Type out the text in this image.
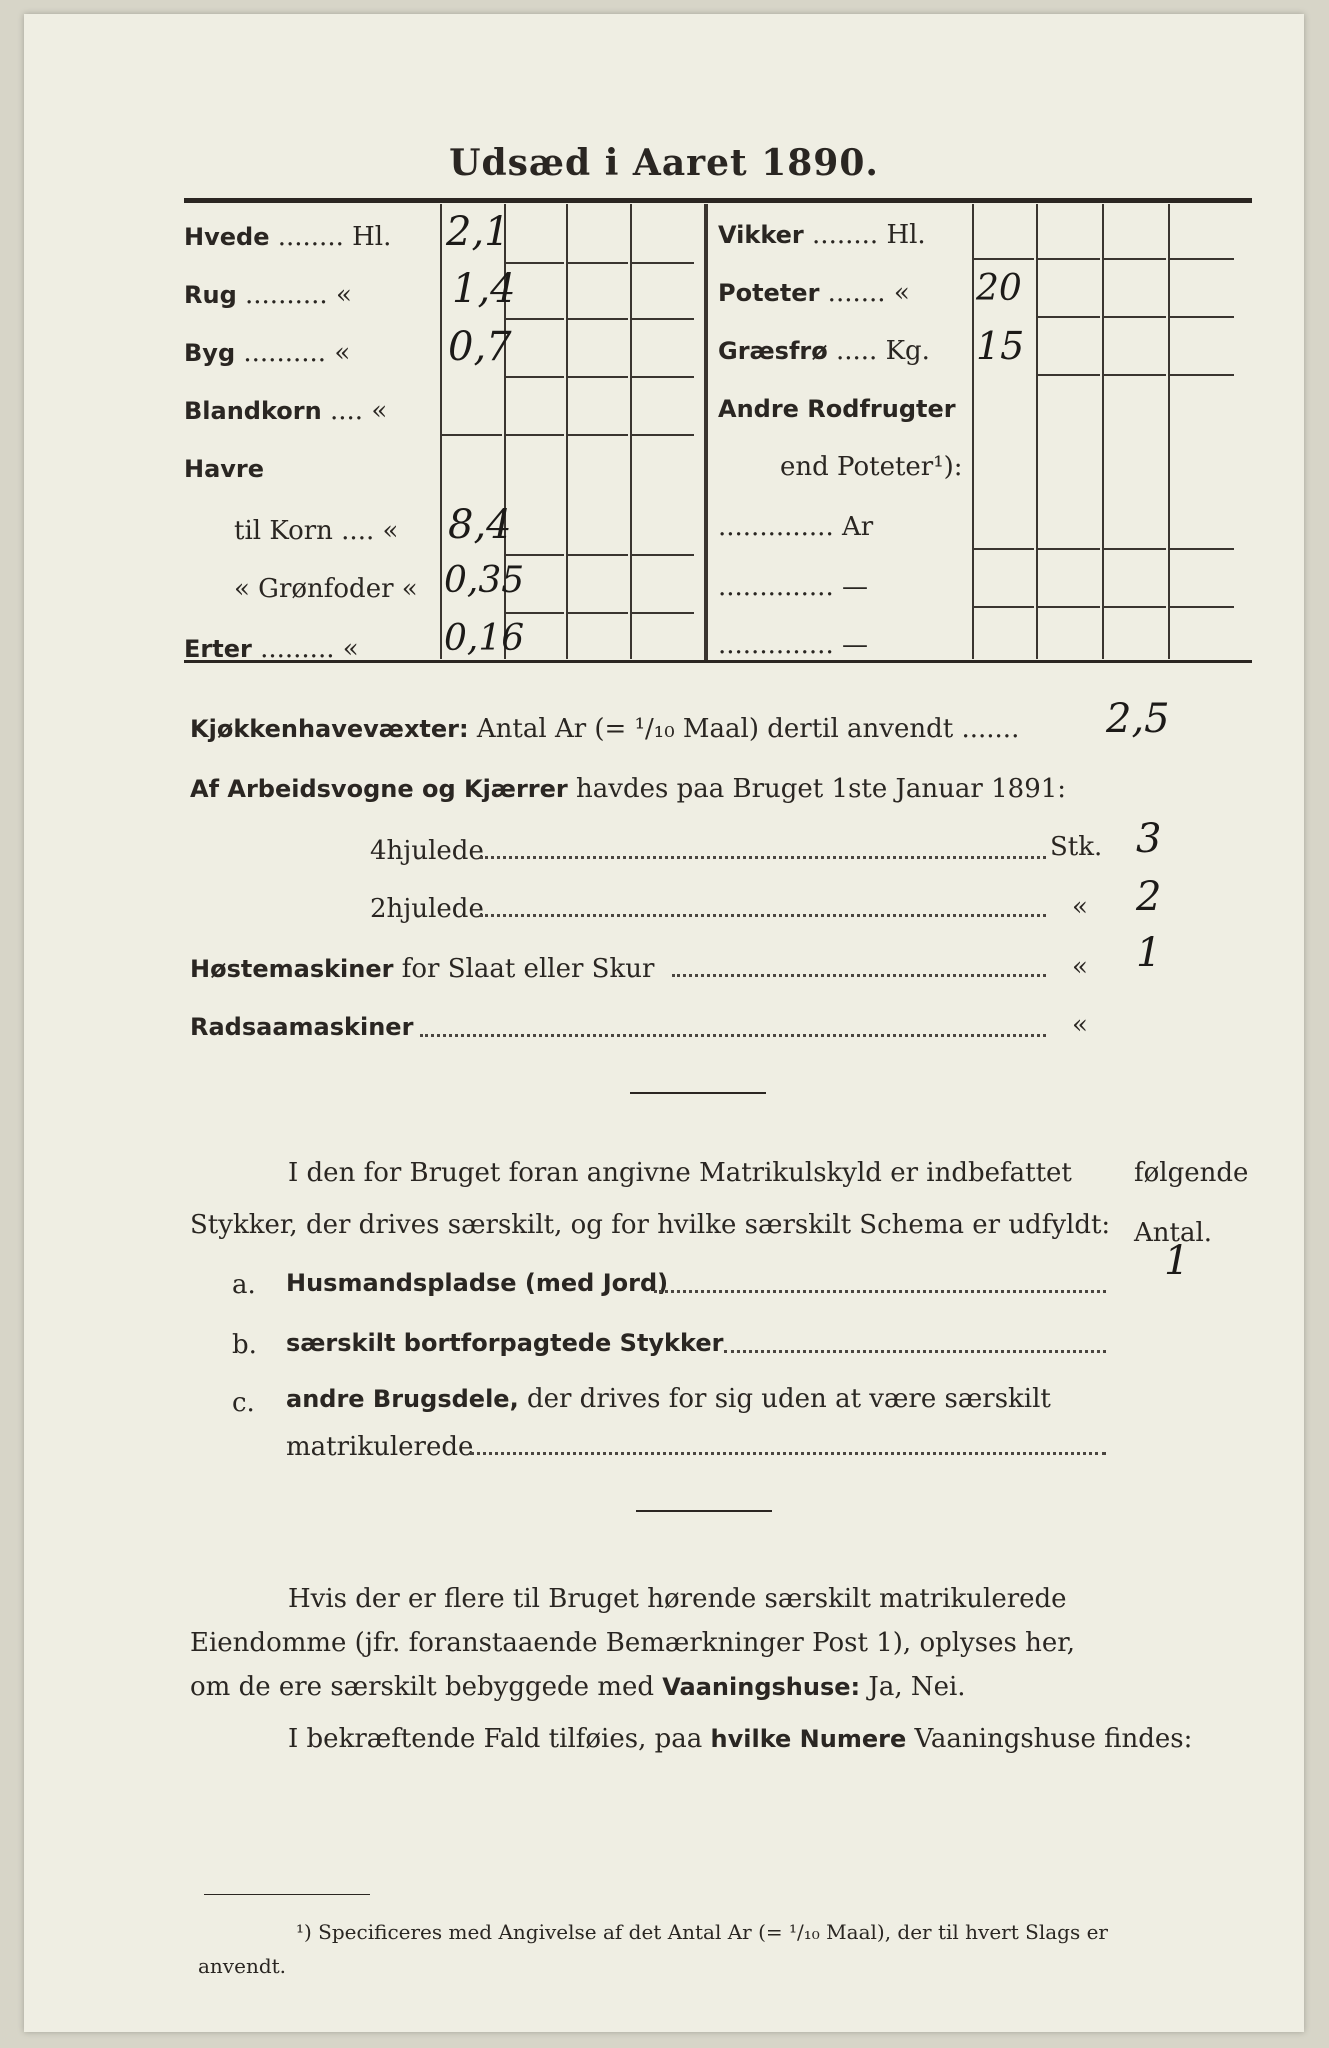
Udsæd i Aaret 1890.
Hvede ........ Hl. 2,1
Rug .......... «	1,4
Byg .......... « 0,7
Blandkorn .... «
Havre
til Korn .... « 8,4
« Grønfoder « 0,35
Erter ......... « 0,16
Vikker ........ Hl.
Poteter ....... « 20
Græsfrø ..... Kg. 15
Andre Rodfrugter
end Poteter¹):
.............. Ar
.............. —
.............. —
Kjøkkenhavevæxter: Antal Ar (= ¹/₁₀ Maal) dertil anvendt ....... 2,5
Af Arbeidsvogne og Kjærrer havdes paa Bruget 1ste Januar 1891:
4hjulede	Stk. 3
2hjulede	« 2
Høstemaskiner for Slaat eller Skur	« 1
Radsaamaskiner	«
I den for Bruget foran angivne Matrikulskyld er indbefattet følgende
Stykker, der drives særskilt, og for hvilke særskilt Schema er udfyldt: Antal.
a. Husmandspladse (med Jord)	1
b. særskilt bortforpagtede Stykker
c. andre Brugsdele, der drives for sig uden at være særskilt
matrikulerede
Hvis der er flere til Bruget hørende særskilt matrikulerede
Eiendomme (jfr. foranstaaende Bemærkninger Post 1), oplyses her,
om de ere særskilt bebyggede med Vaaningshuse: Ja, Nei.
I bekræftende Fald tilføies, paa hvilke Numere Vaaningshuse findes:
¹) Specificeres med Angivelse af det Antal Ar (= ¹/₁₀ Maal), der til hvert Slags er
anvendt.
